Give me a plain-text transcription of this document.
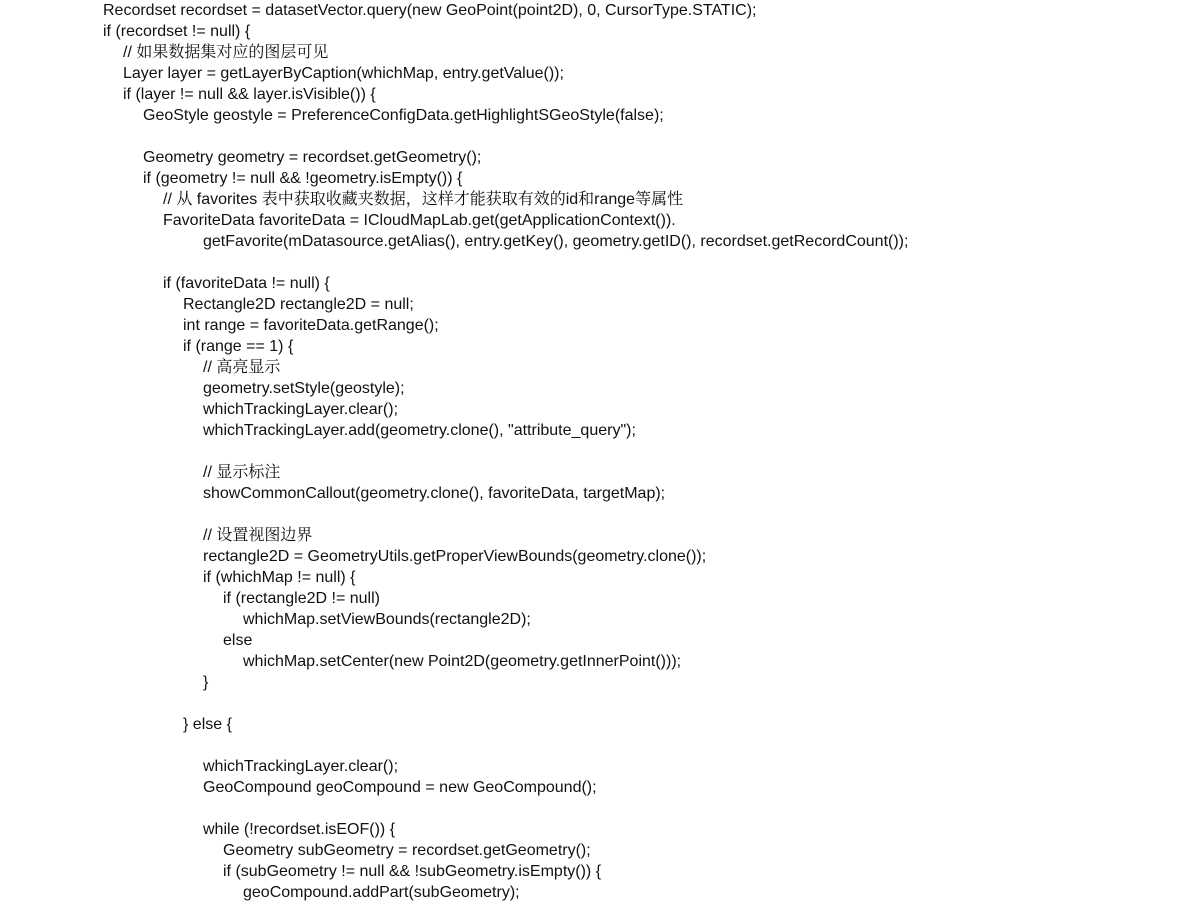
Recordset recordset = datasetVector.query(new GeoPoint(point2D), 0, CursorType.STATIC);
if (recordset != null) {
// 如果数据集对应的图层可见
Layer layer = getLayerByCaption(whichMap, entry.getValue());
if (layer != null && layer.isVisible()) {
GeoStyle geostyle = PreferenceConfigData.getHighlightSGeoStyle(false);
Geometry geometry = recordset.getGeometry();
if (geometry != null && !geometry.isEmpty()) {
// 从 favorites 表中获取收藏夹数据，这样才能获取有效的id和range等属性
FavoriteData favoriteData = ICloudMapLab.get(getApplicationContext()).
getFavorite(mDatasource.getAlias(), entry.getKey(), geometry.getID(), recordset.getRecordCount());
if (favoriteData != null) {
Rectangle2D rectangle2D = null;
int range = favoriteData.getRange();
if (range == 1) {
// 高亮显示
geometry.setStyle(geostyle);
whichTrackingLayer.clear();
whichTrackingLayer.add(geometry.clone(), "attribute_query");
// 显示标注
showCommonCallout(geometry.clone(), favoriteData, targetMap);
// 设置视图边界
rectangle2D = GeometryUtils.getProperViewBounds(geometry.clone());
if (whichMap != null) {
if (rectangle2D != null)
whichMap.setViewBounds(rectangle2D);
else
whichMap.setCenter(new Point2D(geometry.getInnerPoint()));
}
} else {
whichTrackingLayer.clear();
GeoCompound geoCompound = new GeoCompound();
while (!recordset.isEOF()) {
Geometry subGeometry = recordset.getGeometry();
if (subGeometry != null && !subGeometry.isEmpty()) {
geoCompound.addPart(subGeometry);
